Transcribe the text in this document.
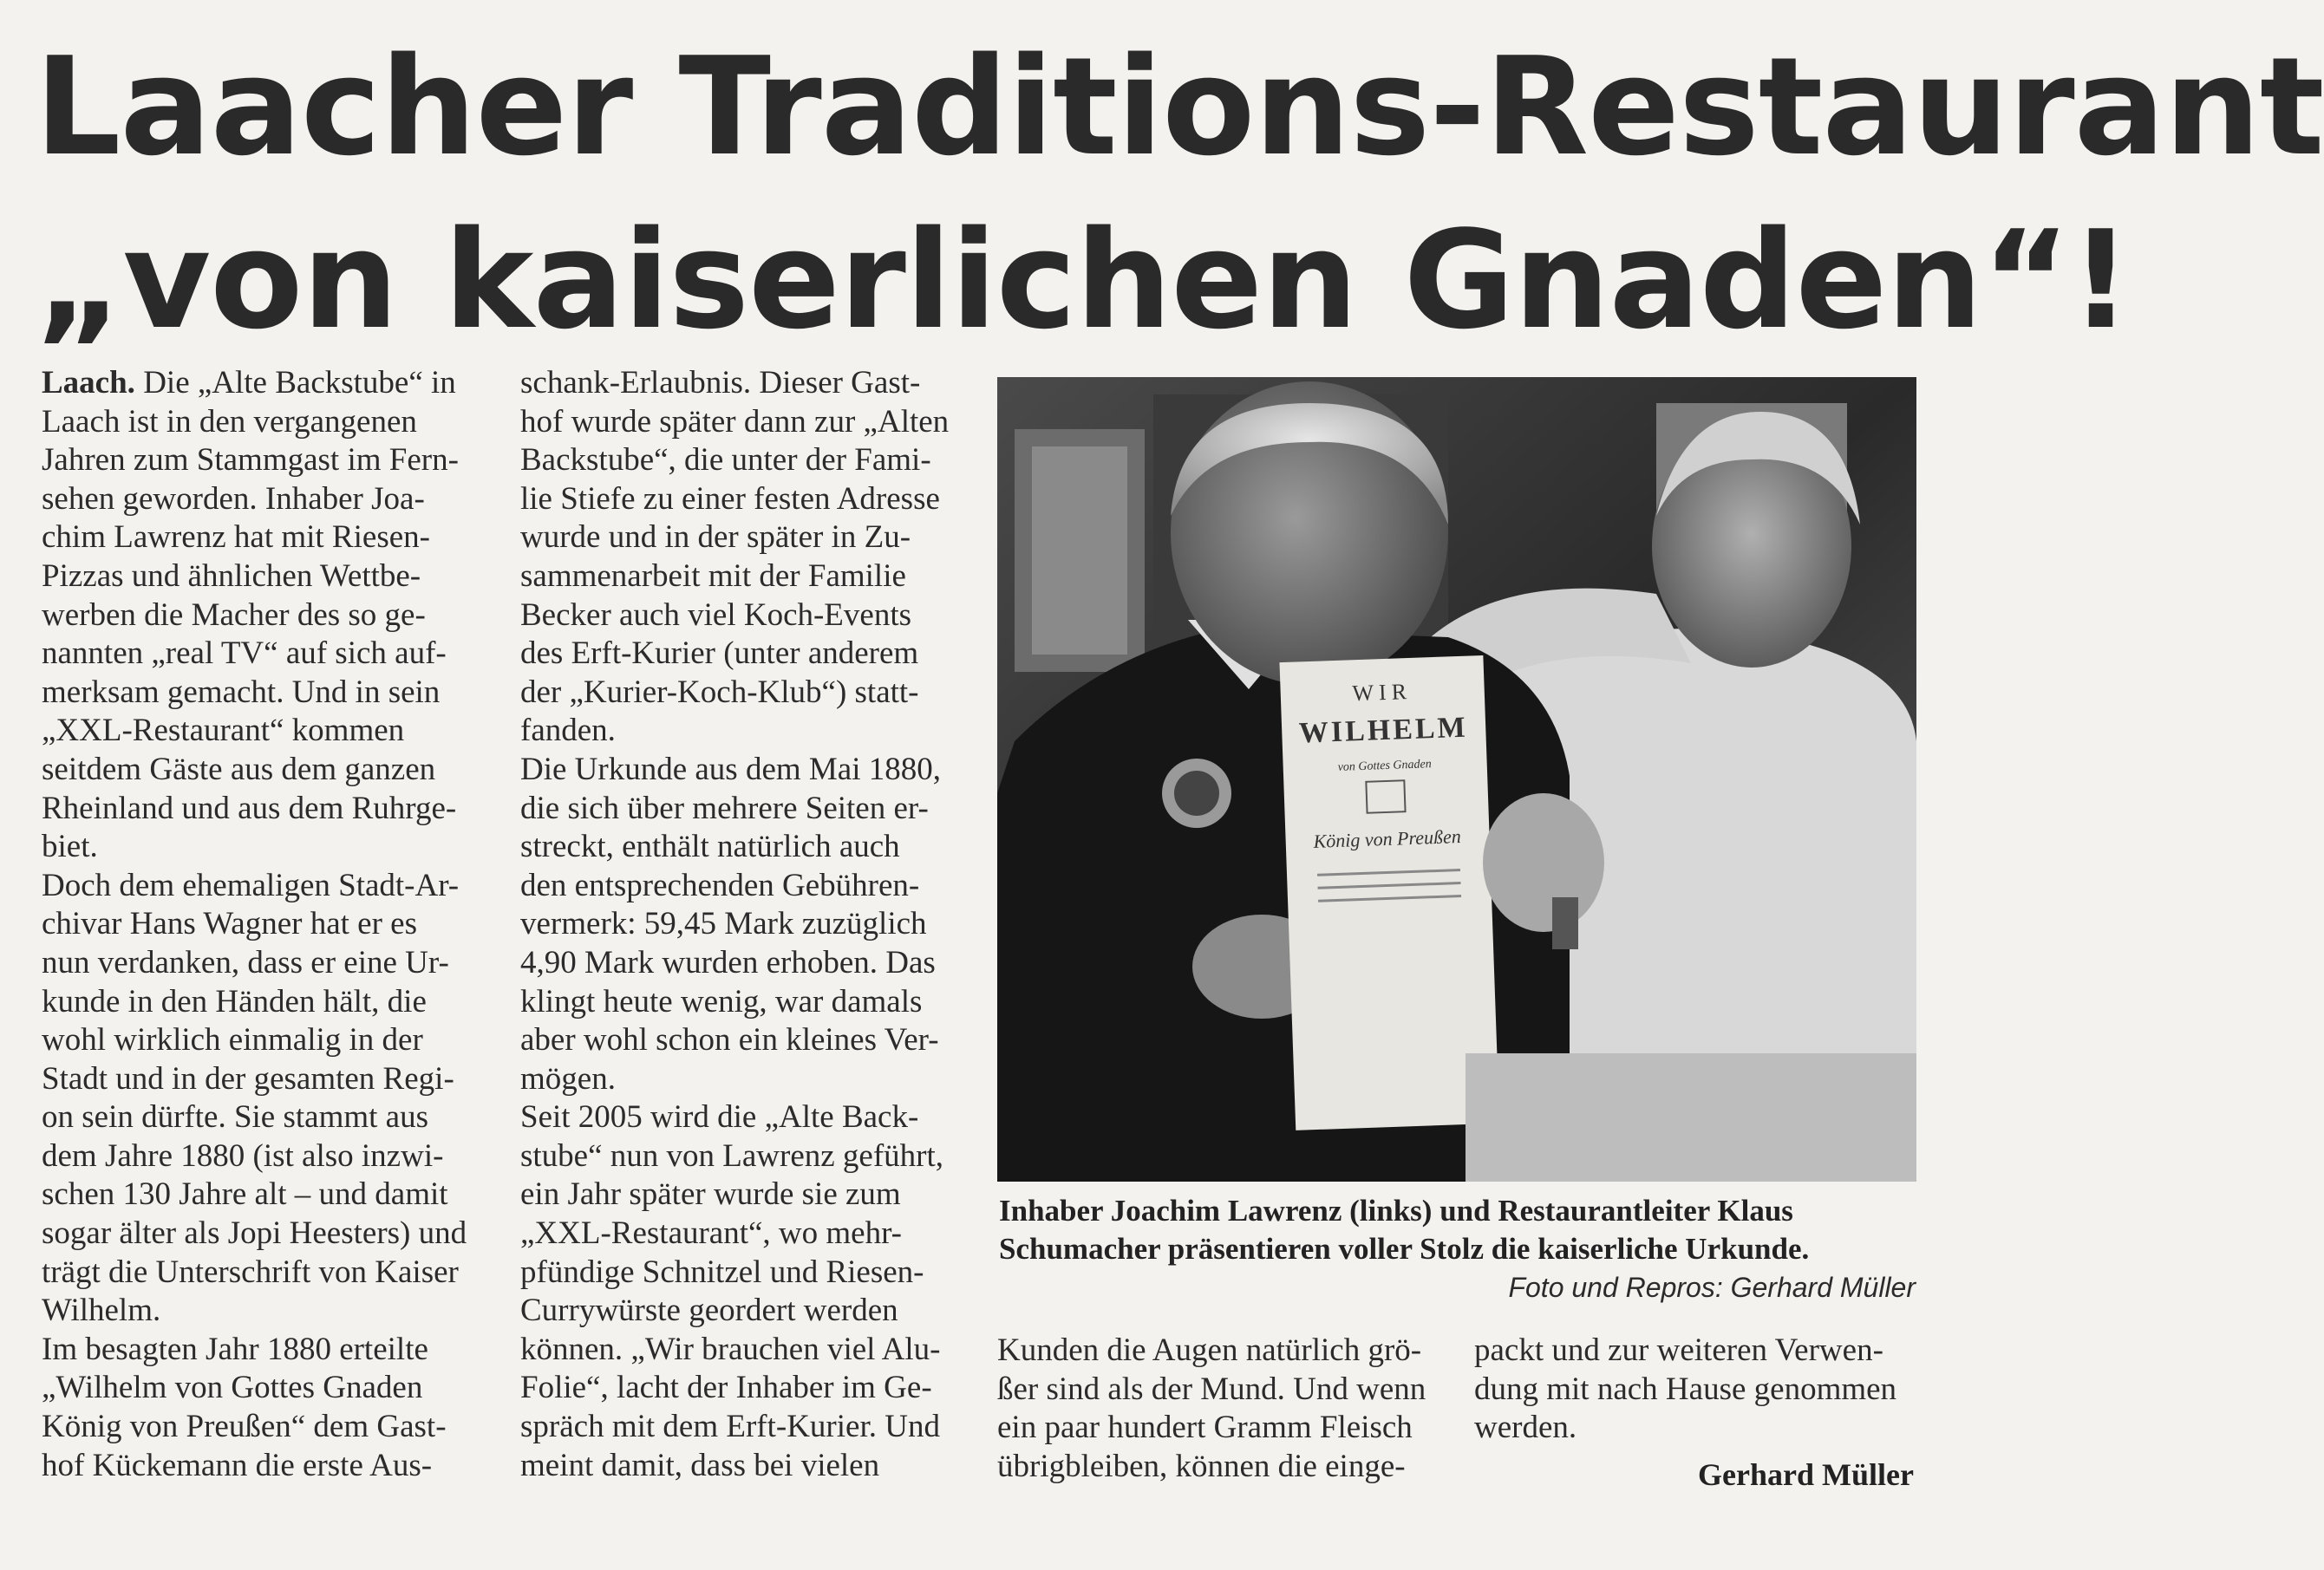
Laacher Traditions-Restaurant
„von kaiserlichen Gnaden“!
Laach. Die „Alte Backstube“ in
Laach ist in den vergangenen
Jahren zum Stammgast im Fern-
sehen geworden. Inhaber Joa-
chim Lawrenz hat mit Riesen-
Pizzas und ähnlichen Wettbe-
werben die Macher des so ge-
nannten „real TV“ auf sich auf-
merksam gemacht. Und in sein
„XXL-Restaurant“ kommen
seitdem Gäste aus dem ganzen
Rheinland und aus dem Ruhrge-
biet.
Doch dem ehemaligen Stadt-Ar-
chivar Hans Wagner hat er es
nun verdanken, dass er eine Ur-
kunde in den Händen hält, die
wohl wirklich einmalig in der
Stadt und in der gesamten Regi-
on sein dürfte. Sie stammt aus
dem Jahre 1880 (ist also inzwi-
schen 130 Jahre alt – und damit
sogar älter als Jopi Heesters) und
trägt die Unterschrift von Kaiser
Wilhelm.
Im besagten Jahr 1880 erteilte
„Wilhelm von Gottes Gnaden
König von Preußen“ dem Gast-
hof Kückemann die erste Aus-
schank-Erlaubnis. Dieser Gast-
hof wurde später dann zur „Alten
Backstube“, die unter der Fami-
lie Stiefe zu einer festen Adresse
wurde und in der später in Zu-
sammenarbeit mit der Familie
Becker auch viel Koch-Events
des Erft-Kurier (unter anderem
der „Kurier-Koch-Klub“) statt-
fanden.
Die Urkunde aus dem Mai 1880,
die sich über mehrere Seiten er-
streckt, enthält natürlich auch
den entsprechenden Gebühren-
vermerk: 59,45 Mark zuzüglich
4,90 Mark wurden erhoben. Das
klingt heute wenig, war damals
aber wohl schon ein kleines Ver-
mögen.
Seit 2005 wird die „Alte Back-
stube“ nun von Lawrenz geführt,
ein Jahr später wurde sie zum
„XXL-Restaurant“, wo mehr-
pfündige Schnitzel und Riesen-
Currywürste geordert werden
können. „Wir brauchen viel Alu-
Folie“, lacht der Inhaber im Ge-
spräch mit dem Erft-Kurier. Und
meint damit, dass bei vielen
WIR
WILHELM
von Gottes Gnaden
König von Preußen
Inhaber Joachim Lawrenz (links) und Restaurantleiter Klaus
Schumacher präsentieren voller Stolz die kaiserliche Urkunde.
Foto und Repros: Gerhard Müller
Kunden die Augen natürlich grö-
ßer sind als der Mund. Und wenn
ein paar hundert Gramm Fleisch
übrigbleiben, können die einge-
packt und zur weiteren Verwen-
dung mit nach Hause genommen
werden.
Gerhard Müller
